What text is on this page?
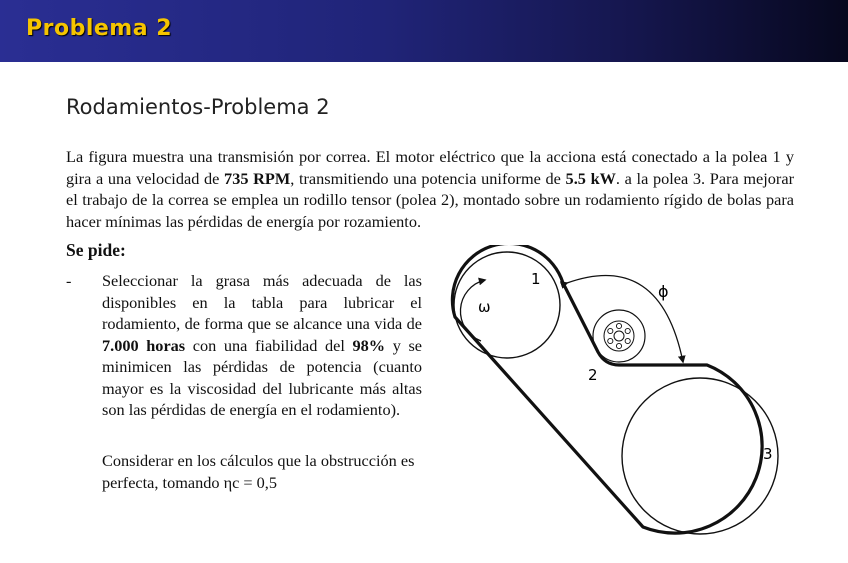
Problema 2
Rodamientos-Problema 2
La figura muestra una transmisión por correa. El motor eléctrico que la acciona está conectado a la polea 1 y gira a una velocidad de 735 RPM, transmitiendo una potencia uniforme de 5.5 kW. a la polea 3. Para mejorar el trabajo de la correa se emplea un rodillo tensor (polea 2), montado sobre un rodamiento rígido de bolas para hacer mínimas las pérdidas de energía por rozamiento.
Se pide:
- Seleccionar la grasa más adecuada de las disponibles en la tabla para lubricar el rodamiento, de forma que se alcance una vida de 7.000 horas con una fiabilidad del 98% y se minimicen las pérdidas de potencia (cuanto mayor es la viscosidad del lubricante más altas son las pérdidas de energía en el rodamiento).
Considerar en los cálculos que la obstrucción es perfecta, tomando ηc = 0,5
ω
ϕ
1
2
3
